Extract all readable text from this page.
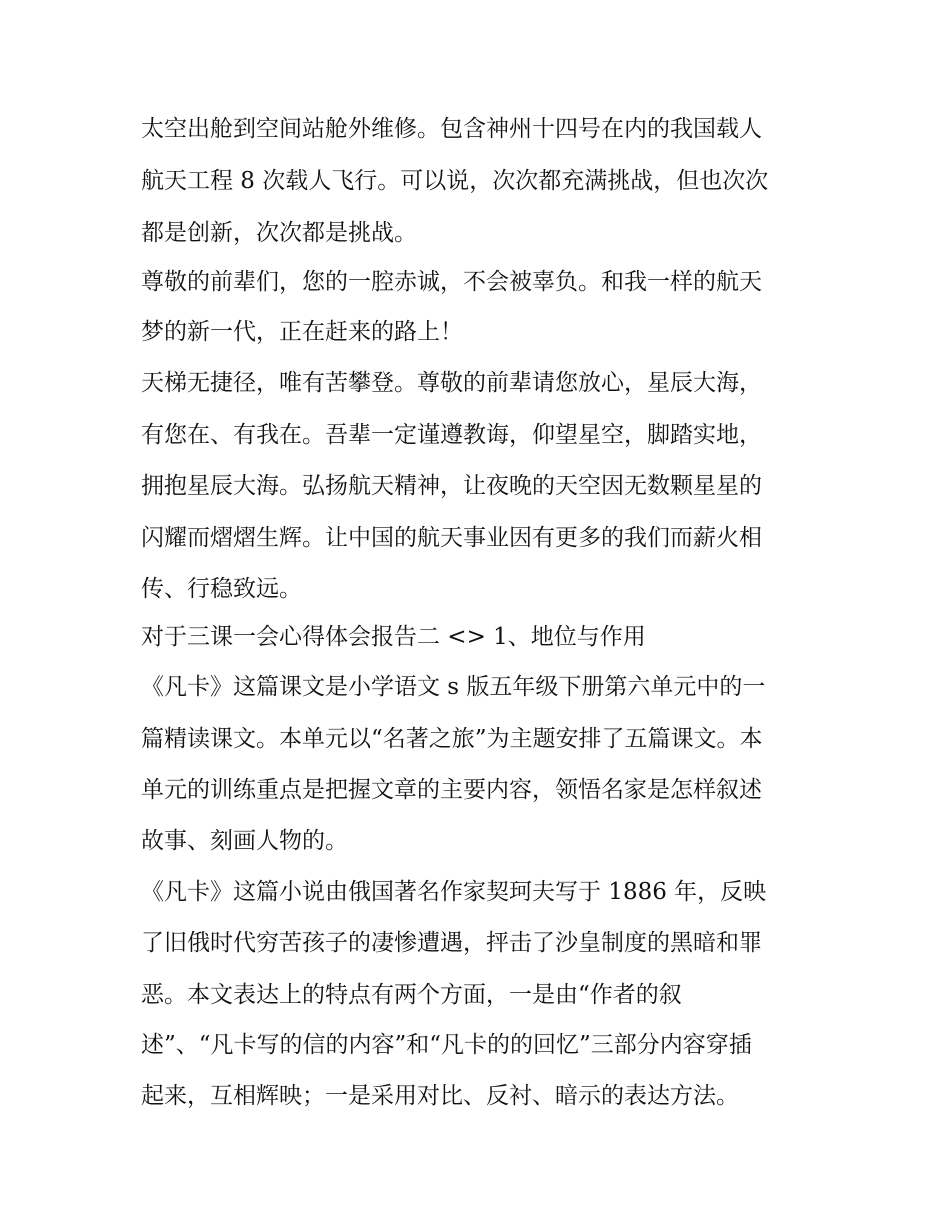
太空出舱到空间站舱外维修。包含神州十四号在内的我国载人
航天工程 8 次载人飞行。可以说，次次都充满挑战，但也次次
都是创新，次次都是挑战。
尊敬的前辈们，您的一腔赤诚，不会被辜负。和我一样的航天
梦的新一代，正在赶来的路上！
天梯无捷径，唯有苦攀登。尊敬的前辈请您放心，星辰大海，
有您在、有我在。吾辈一定谨遵教诲，仰望星空，脚踏实地，
拥抱星辰大海。弘扬航天精神，让夜晚的天空因无数颗星星的
闪耀而熠熠生辉。让中国的航天事业因有更多的我们而薪火相
传、行稳致远。
对于三课一会心得体会报告二 <> 1、地位与作用
《凡卡》这篇课文是小学语文 s 版五年级下册第六单元中的一
篇精读课文。本单元以“名著之旅”为主题安排了五篇课文。本
单元的训练重点是把握文章的主要内容，领悟名家是怎样叙述
故事、刻画人物的。
《凡卡》这篇小说由俄国著名作家契珂夫写于 1886 年，反映
了旧俄时代穷苦孩子的凄惨遭遇，抨击了沙皇制度的黑暗和罪
恶。本文表达上的特点有两个方面，一是由“作者的叙
述”、“凡卡写的信的内容”和“凡卡的的回忆”三部分内容穿插
起来，互相辉映；一是采用对比、反衬、暗示的表达方法。
